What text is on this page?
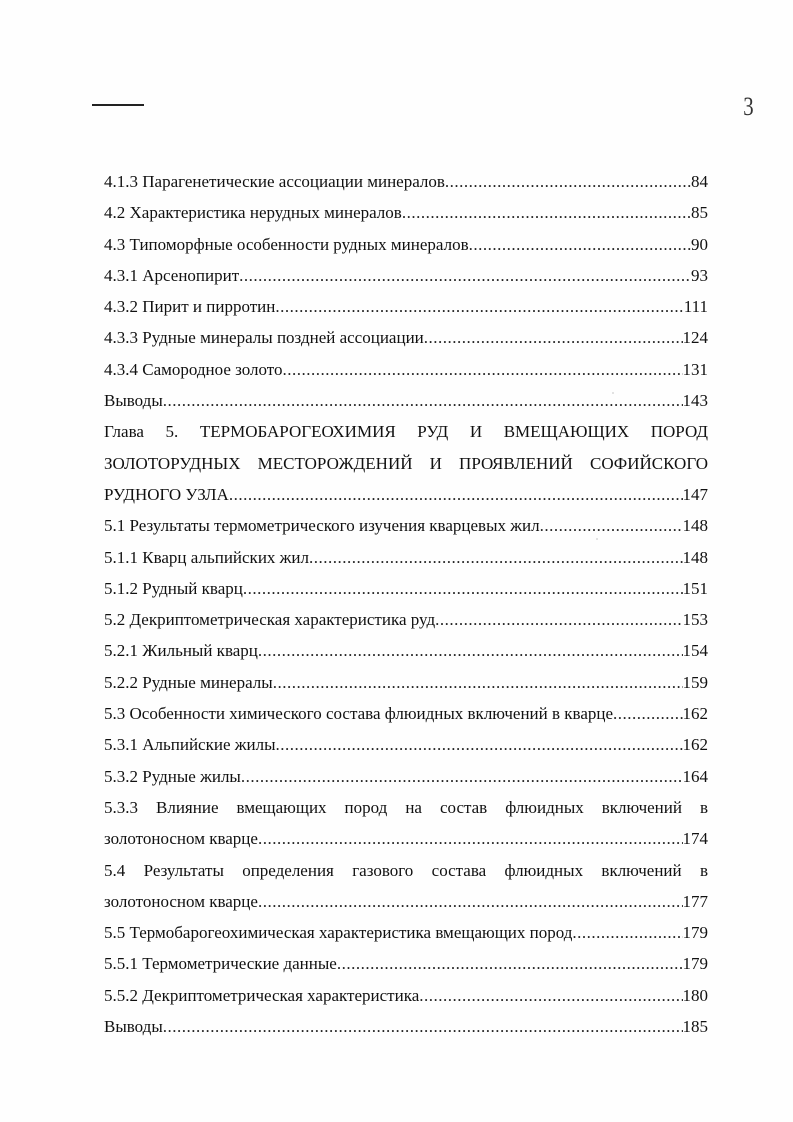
3
4.1.3 Парагенетические ассоциации минералов .....	84
4.2 Характеристика нерудных минералов .....	85
4.3 Типоморфные особенности рудных минералов .....	90
4.3.1 Арсенопирит .....	93
4.3.2 Пирит и пирротин .....	111
4.3.3 Рудные минералы поздней ассоциации .....	124
4.3.4 Самородное золото .....	131
Выводы .....	143
Глава 5. ТЕРМОБАРОГЕОХИМИЯ РУД И ВМЕЩАЮЩИХ ПОРОД
ЗОЛОТОРУДНЫХ МЕСТОРОЖДЕНИЙ И ПРОЯВЛЕНИЙ СОФИЙСКОГО
РУДНОГО УЗЛА .....	147
5.1 Результаты термометрического изучения кварцевых жил .....	148
5.1.1 Кварц альпийских жил .....	148
5.1.2 Рудный кварц .....	151
5.2 Декриптометрическая характеристика руд .....	153
5.2.1 Жильный кварц .....	154
5.2.2 Рудные минералы .....	159
5.3 Особенности химического состава флюидных включений в кварце .....	162
5.3.1 Альпийские жилы .....	162
5.3.2 Рудные жилы .....	164
5.3.3 Влияние вмещающих пород на состав флюидных включений в
золотоносном кварце .....	174
5.4 Результаты определения газового состава флюидных включений в
золотоносном кварце .....	177
5.5 Термобарогеохимическая характеристика вмещающих пород .....	179
5.5.1 Термометрические данные .....	179
5.5.2 Декриптометрическая характеристика .....	180
Выводы .....	185
